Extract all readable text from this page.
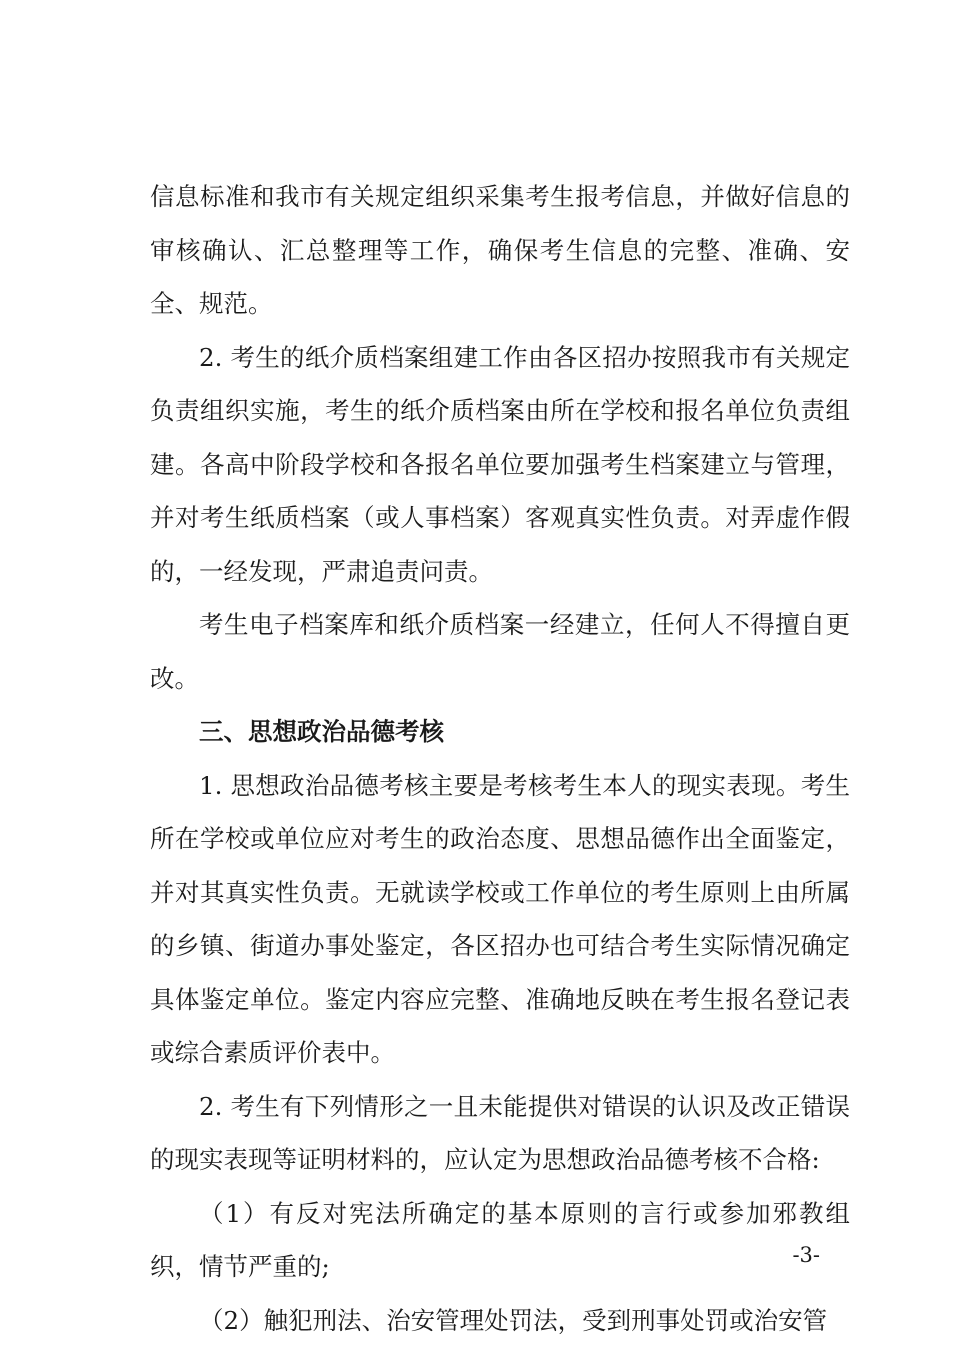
信息标准和我市有关规定组织采集考生报考信息，并做好信息的审核确认、汇总整理等工作，确保考生信息的完整、准确、安全、规范。

2. 考生的纸介质档案组建工作由各区招办按照我市有关规定负责组织实施，考生的纸介质档案由所在学校和报名单位负责组建。各高中阶段学校和各报名单位要加强考生档案建立与管理，并对考生纸质档案（或人事档案）客观真实性负责。对弄虚作假的，一经发现，严肃追责问责。

考生电子档案库和纸介质档案一经建立，任何人不得擅自更改。

三、思想政治品德考核

1. 思想政治品德考核主要是考核考生本人的现实表现。考生所在学校或单位应对考生的政治态度、思想品德作出全面鉴定，并对其真实性负责。无就读学校或工作单位的考生原则上由所属的乡镇、街道办事处鉴定，各区招办也可结合考生实际情况确定具体鉴定单位。鉴定内容应完整、准确地反映在考生报名登记表或综合素质评价表中。

2. 考生有下列情形之一且未能提供对错误的认识及改正错误的现实表现等证明材料的，应认定为思想政治品德考核不合格:

（1）有反对宪法所确定的基本原则的言行或参加邪教组织，情节严重的;

（2）触犯刑法、治安管理处罚法，受到刑事处罚或治安管

-3-
